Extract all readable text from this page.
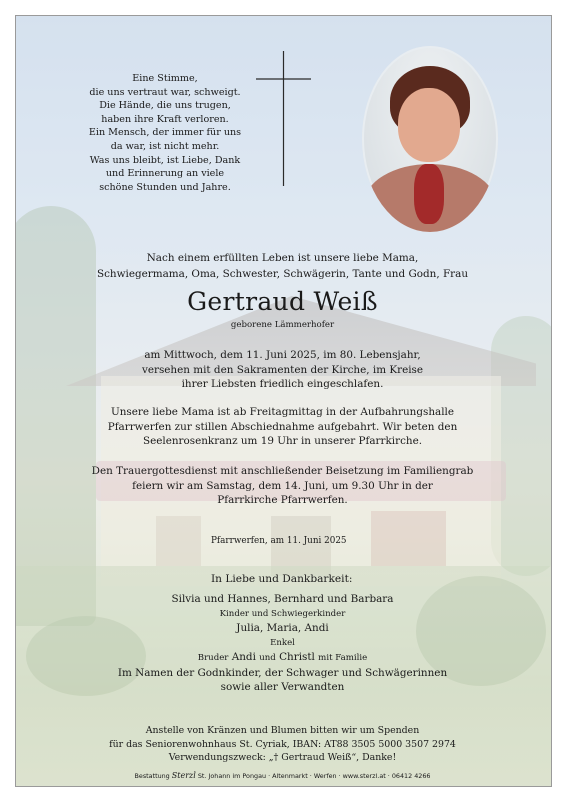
Eine Stimme,
die uns vertraut war, schweigt.
Die Hände, die uns trugen,
haben ihre Kraft verloren.
Ein Mensch, der immer für uns
da war, ist nicht mehr.
Was uns bleibt, ist Liebe, Dank
und Erinnerung an viele
schöne Stunden und Jahre.
Nach einem erfüllten Leben ist unsere liebe Mama,
Schwiegermama, Oma, Schwester, Schwägerin, Tante und Godn, Frau
Gertraud Weiß
geborene Lämmerhofer
am Mittwoch, dem 11. Juni 2025, im 80. Lebensjahr,
versehen mit den Sakramenten der Kirche, im Kreise
ihrer Liebsten friedlich eingeschlafen.
Unsere liebe Mama ist ab Freitagmittag in der Aufbahrungshalle
Pfarrwerfen zur stillen Abschiednahme aufgebahrt. Wir beten den
Seelenrosenkranz um 19 Uhr in unserer Pfarrkirche.
Den Trauergottesdienst mit anschließender Beisetzung im Familiengrab
feiern wir am Samstag, dem 14. Juni, um 9.30 Uhr in der
Pfarrkirche Pfarrwerfen.
Pfarrwerfen, am 11. Juni 2025
In Liebe und Dankbarkeit:
Silvia und Hannes, Bernhard und Barbara
Kinder und Schwiegerkinder
Julia, Maria, Andi
Enkel
Bruder Andi und Christl mit Familie
Im Namen der Godnkinder, der Schwager und Schwägerinnen
sowie aller Verwandten
Anstelle von Kränzen und Blumen bitten wir um Spenden
für das Seniorenwohnhaus St. Cyriak, IBAN: AT88 3505 5000 3507 2974
Verwendungszweck: „† Gertraud Weiß“, Danke!
Bestattung Sterzl St. Johann im Pongau · Altenmarkt · Werfen · www.sterzl.at · 06412 4266
